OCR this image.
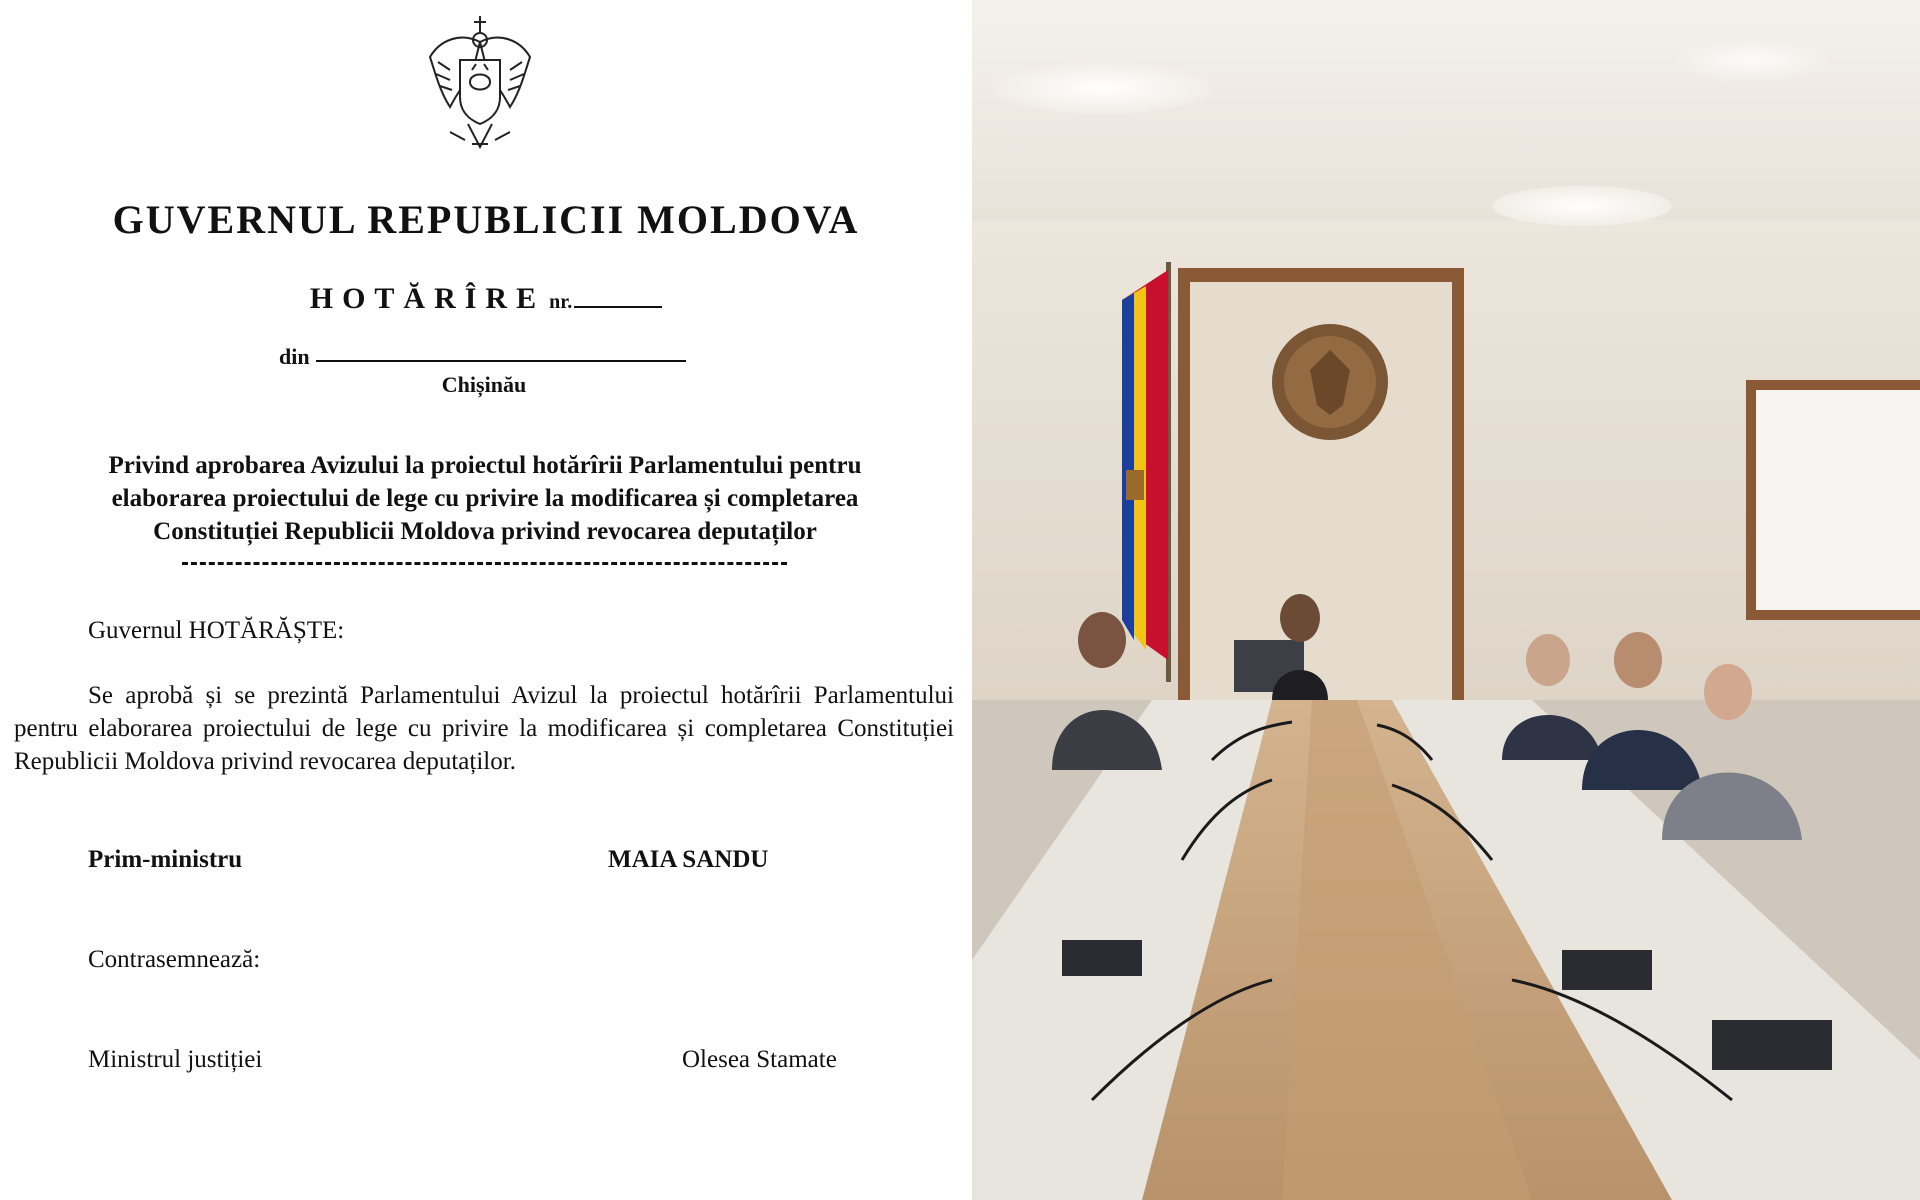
GUVERNUL REPUBLICII MOLDOVA
HOTĂRÎRE nr.
din
Chișinău
Privind aprobarea Avizului la proiectul hotărîrii Parlamentului pentru
elaborarea proiectului de lege cu privire la modificarea și completarea
Constituției Republicii Moldova privind revocarea deputaților
Guvernul HOTĂRĂȘTE:
Se aprobă și se prezintă Parlamentului Avizul la proiectul hotărîrii Parlamentului pentru elaborarea proiectului de lege cu privire la modificarea și completarea Constituției Republicii Moldova privind revocarea deputaților.
Prim-ministru	MAIA SANDU
Contrasemnează:
Ministrul justiției	Olesea Stamate
